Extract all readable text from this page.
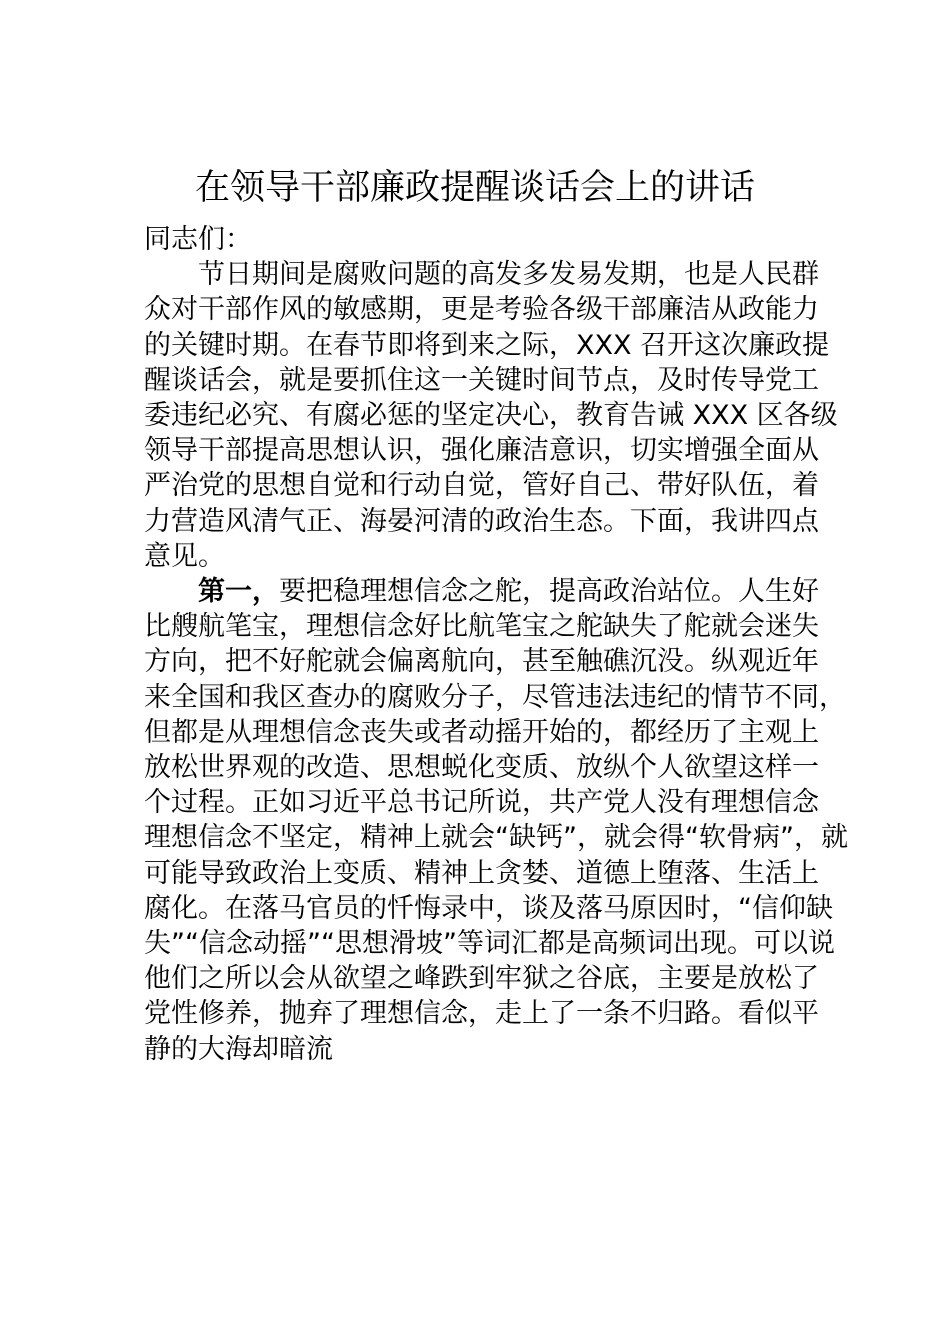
在领导干部廉政提醒谈话会上的讲话
同志们：
节日期间是腐败问题的高发多发易发期，也是人民群
众对干部作风的敏感期，更是考验各级干部廉洁从政能力
的关键时期。在春节即将到来之际，XXX 召开这次廉政提
醒谈话会，就是要抓住这一关键时间节点，及时传导党工
委违纪必究、有腐必惩的坚定决心，教育告诫 XXX 区各级
领导干部提高思想认识，强化廉洁意识，切实增强全面从
严治党的思想自觉和行动自觉，管好自己、带好队伍，着
力营造风清气正、海晏河清的政治生态。下面，我讲四点
意见。
第一，要把稳理想信念之舵，提高政治站位。人生好
比艘航笔宝，理想信念好比航笔宝之舵缺失了舵就会迷失
方向，把不好舵就会偏离航向，甚至触礁沉没。纵观近年
来全国和我区查办的腐败分子，尽管违法违纪的情节不同，
但都是从理想信念丧失或者动摇开始的，都经历了主观上
放松世界观的改造、思想蜕化变质、放纵个人欲望这样一
个过程。正如习近平总书记所说，共产党人没有理想信念
理想信念不坚定，精神上就会“缺钙”，就会得“软骨病”，就
可能导致政治上变质、精神上贪婪、道德上堕落、生活上
腐化。在落马官员的忏悔录中，谈及落马原因时，“信仰缺
失”“信念动摇”“思想滑坡”等词汇都是高频词出现。可以说
他们之所以会从欲望之峰跌到牢狱之谷底，主要是放松了
党性修养，抛弃了理想信念，走上了一条不归路。看似平
静的大海却暗流
